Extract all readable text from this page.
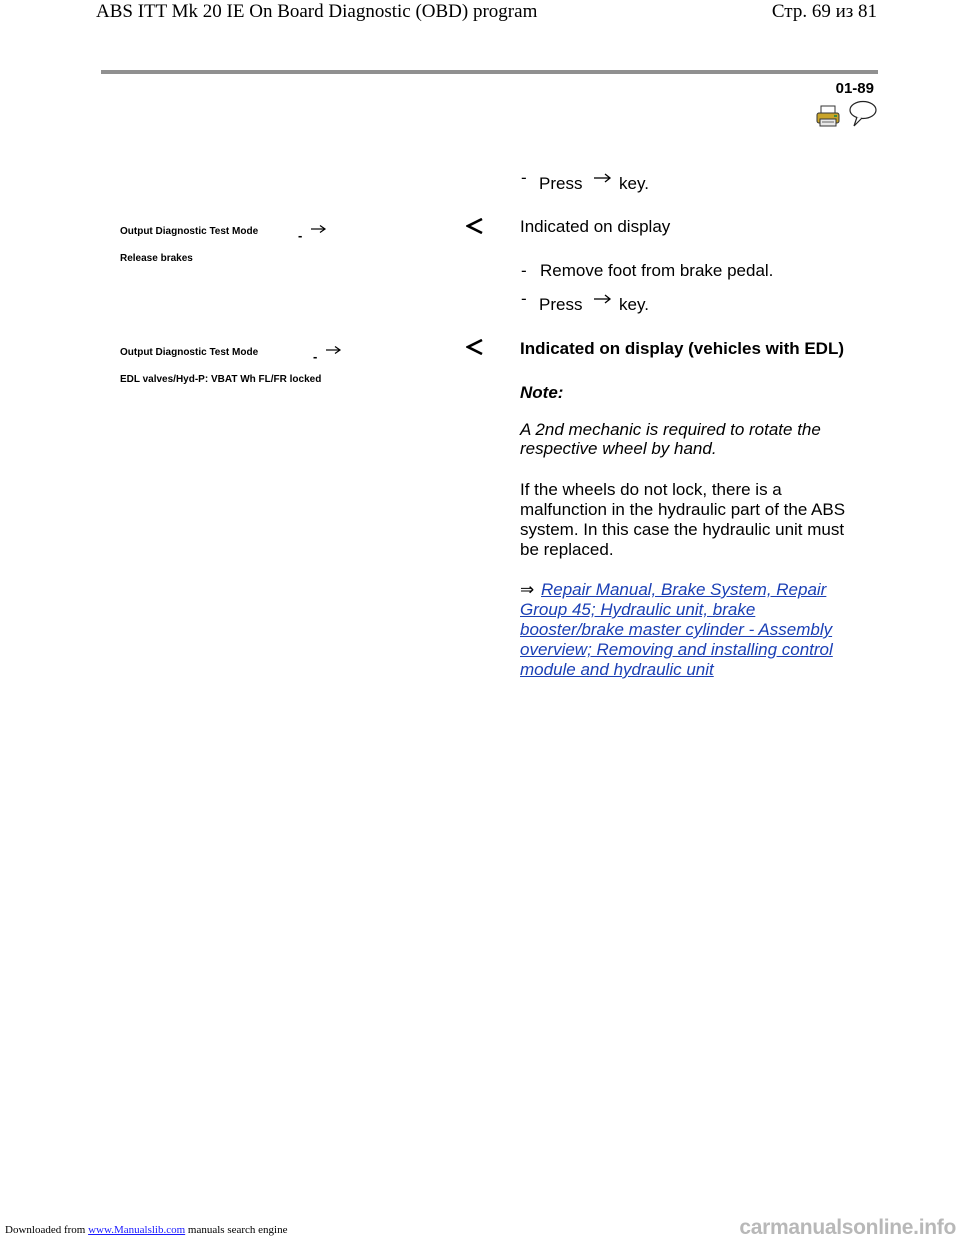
ABS ITT Mk 20 IE On Board Diagnostic (OBD) program	Стр. 69 из 81
01-89
- Press key.
Output Diagnostic Test Mode	-
Release brakes
Indicated on display
- Remove foot from brake pedal.
- Press key.
Output Diagnostic Test Mode	-
EDL valves/Hyd-P: VBAT Wh FL/FR locked
Indicated on display (vehicles with EDL)
Note:
A 2nd mechanic is required to rotate the
respective wheel by hand.
If the wheels do not lock, there is a
malfunction in the hydraulic part of the ABS
system. In this case the hydraulic unit must
be replaced.
⇒ Repair Manual, Brake System, Repair
Group 45; Hydraulic unit, brake
booster/brake master cylinder - Assembly
overview; Removing and installing control
module and hydraulic unit
Downloaded from www.Manualslib.com manuals search engine	carmanualsonline.info
